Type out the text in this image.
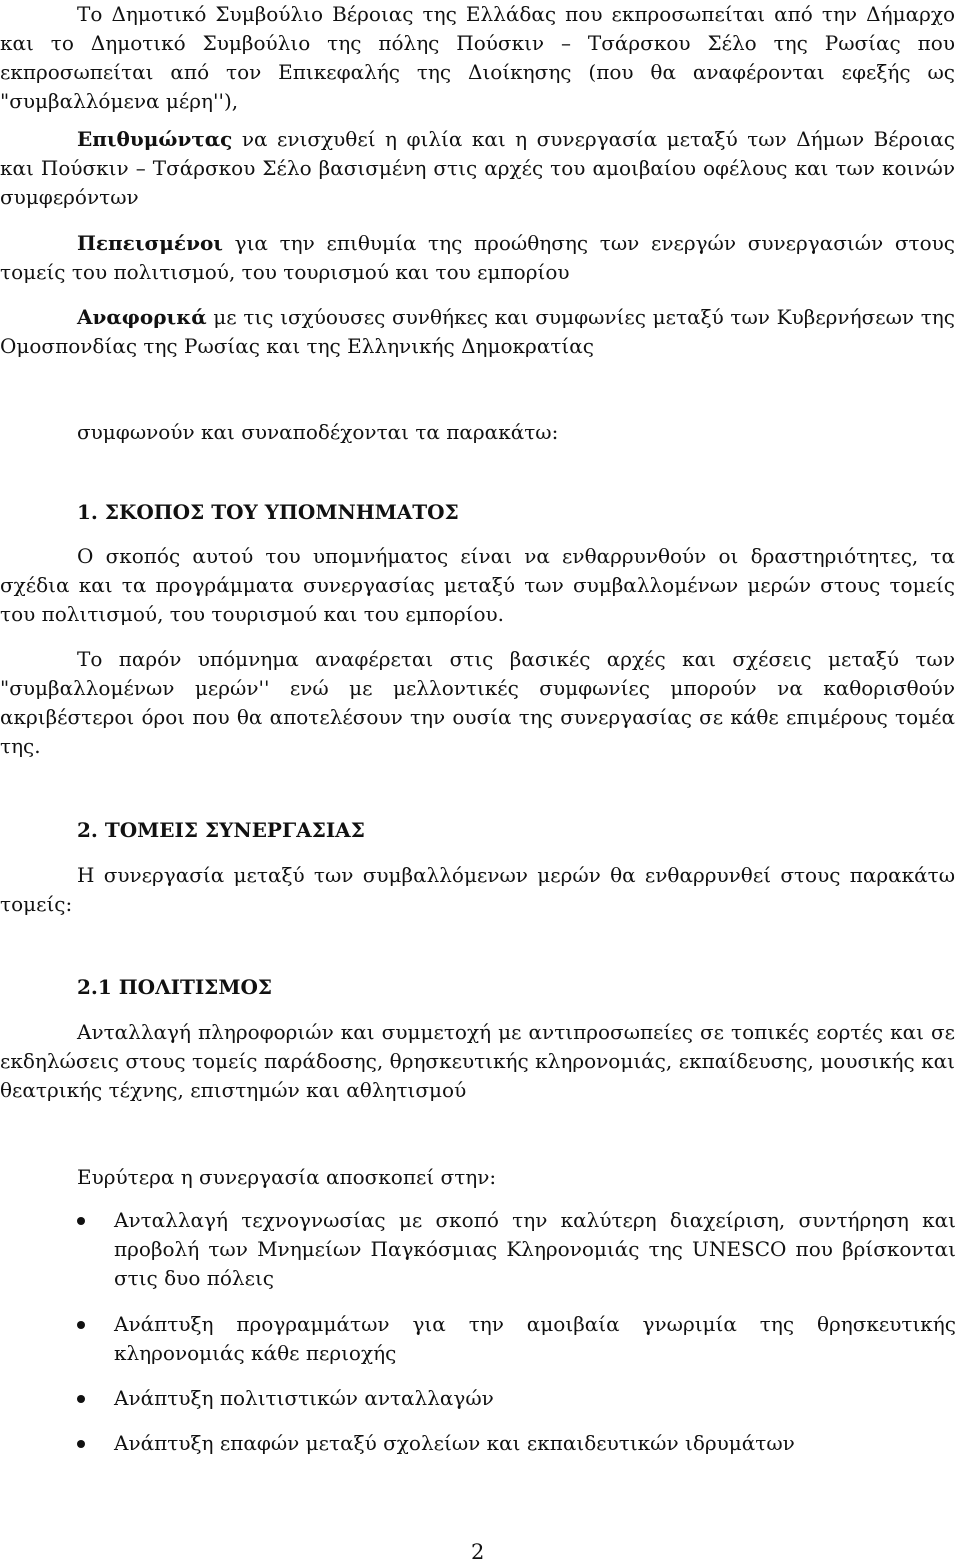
Το Δημοτικό Συμβούλιο Βέροιας της Ελλάδας που εκπροσωπείται από την Δήμαρχο και το Δημοτικό Συμβούλιο της πόλης Πούσκιν – Τσάρσκου Σέλο της Ρωσίας που εκπροσωπείται από τον Επικεφαλής της Διοίκησης (που θα αναφέρονται εφεξής ως "συμβαλλόμενα μέρη''),

Επιθυμώντας να ενισχυθεί η φιλία και η συνεργασία μεταξύ των Δήμων Βέροιας και Πούσκιν – Τσάρσκου Σέλο βασισμένη στις αρχές του αμοιβαίου οφέλους και των κοινών συμφερόντων

Πεπεισμένοι για την επιθυμία της προώθησης των ενεργών συνεργασιών στους τομείς του πολιτισμού, του τουρισμού και του εμπορίου

Αναφορικά με τις ισχύουσες συνθήκες και συμφωνίες μεταξύ των Κυβερνήσεων της Ομοσπονδίας της Ρωσίας και της Ελληνικής Δημοκρατίας

συμφωνούν και συναποδέχονται τα παρακάτω:

1. ΣΚΟΠΟΣ ΤΟΥ ΥΠΟΜΝΗΜΑΤΟΣ

Ο σκοπός αυτού του υπομνήματος είναι να ενθαρρυνθούν οι δραστηριότητες, τα σχέδια και τα προγράμματα συνεργασίας μεταξύ των συμβαλλομένων μερών στους τομείς του πολιτισμού, του τουρισμού και του εμπορίου.

Το παρόν υπόμνημα αναφέρεται στις βασικές αρχές και σχέσεις μεταξύ των "συμβαλλομένων μερών'' ενώ με μελλοντικές συμφωνίες μπορούν να καθορισθούν ακριβέστεροι όροι που θα αποτελέσουν την ουσία της συνεργασίας σε κάθε επιμέρους τομέα της.

2. ΤΟΜΕΙΣ ΣΥΝΕΡΓΑΣΙΑΣ

Η συνεργασία μεταξύ των συμβαλλόμενων μερών θα ενθαρρυνθεί στους παρακάτω τομείς:

2.1 ΠΟΛΙΤΙΣΜΟΣ

Ανταλλαγή πληροφοριών και συμμετοχή με αντιπροσωπείες σε τοπικές εορτές και σε εκδηλώσεις στους τομείς παράδοσης, θρησκευτικής κληρονομιάς, εκπαίδευσης, μουσικής και θεατρικής τέχνης, επιστημών και αθλητισμού

Ευρύτερα η συνεργασία αποσκοπεί στην:

Ανταλλαγή τεχνογνωσίας με σκοπό την καλύτερη διαχείριση, συντήρηση και προβολή των Μνημείων Παγκόσμιας Κληρονομιάς της UNESCO που βρίσκονται στις δυο πόλεις

Ανάπτυξη προγραμμάτων για την αμοιβαία γνωριμία της θρησκευτικής κληρονομιάς κάθε περιοχής

Ανάπτυξη πολιτιστικών ανταλλαγών

Ανάπτυξη επαφών μεταξύ σχολείων και εκπαιδευτικών ιδρυμάτων

2
